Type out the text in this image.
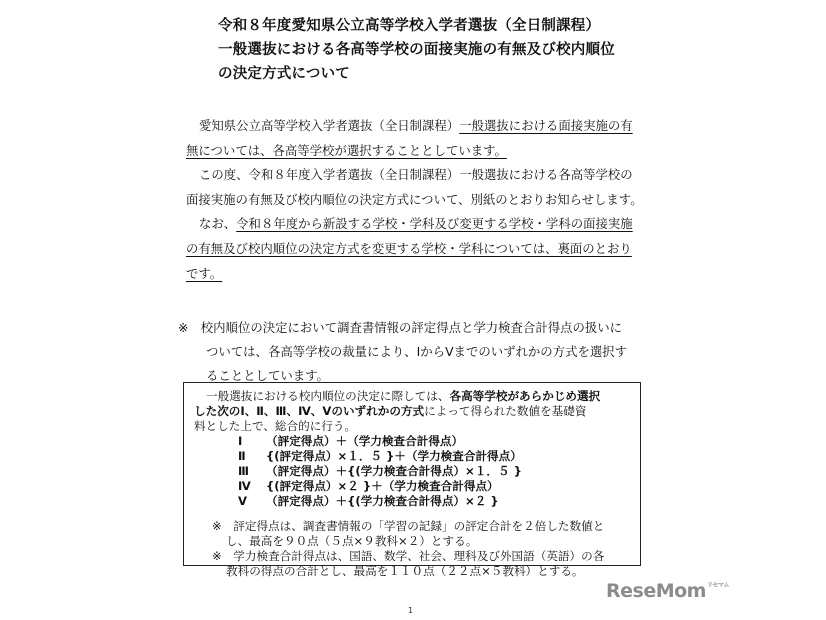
令和８年度愛知県公立高等学校入学者選抜（全日制課程）
一般選抜における各高等学校の面接実施の有無及び校内順位
の決定方式について

愛知県公立高等学校入学者選抜（全日制課程）一般選抜における面接実施の有

無については、各高等学校が選択することとしています。

この度、令和８年度入学者選抜（全日制課程）一般選抜における各高等学校の

面接実施の有無及び校内順位の決定方式について、別紙のとおりお知らせします。

なお、令和８年度から新設する学校・学科及び変更する学校・学科の面接実施

の有無及び校内順位の決定方式を変更する学校・学科については、裏面のとおり

です。

※　校内順位の決定において調査書情報の評定得点と学力検査合計得点の扱いに

ついては、各高等学校の裁量により、ⅠからⅤまでのいずれかの方式を選択す

ることとしています。

一般選抜における校内順位の決定に際しては、各高等学校があらかじめ選択

した次のⅠ、Ⅱ、Ⅲ、Ⅳ、Ⅴのいずれかの方式によって得られた数値を基礎資

料とした上で、総合的に行う。

Ⅰ	（評定得点）＋（学力検査合計得点）
Ⅱ	{(評定得点）×１．５ }＋（学力検査合計得点）
Ⅲ	（評定得点）＋{(学力検査合計得点）×１．５ }
Ⅳ	{(評定得点）×２ }＋（学力検査合計得点）
Ⅴ	（評定得点）＋{(学力検査合計得点）×２ }

※　評定得点は、調査書情報の「学習の記録」の評定合計を２倍した数値と

し、最高を９０点（５点×９教科×２）とする。

※　学力検査合計得点は、国語、数学、社会、理科及び外国語（英語）の各

教科の得点の合計とし、最高を１１０点（２２点×５教科）とする。

1
ReseMom$^{リセマム}$
